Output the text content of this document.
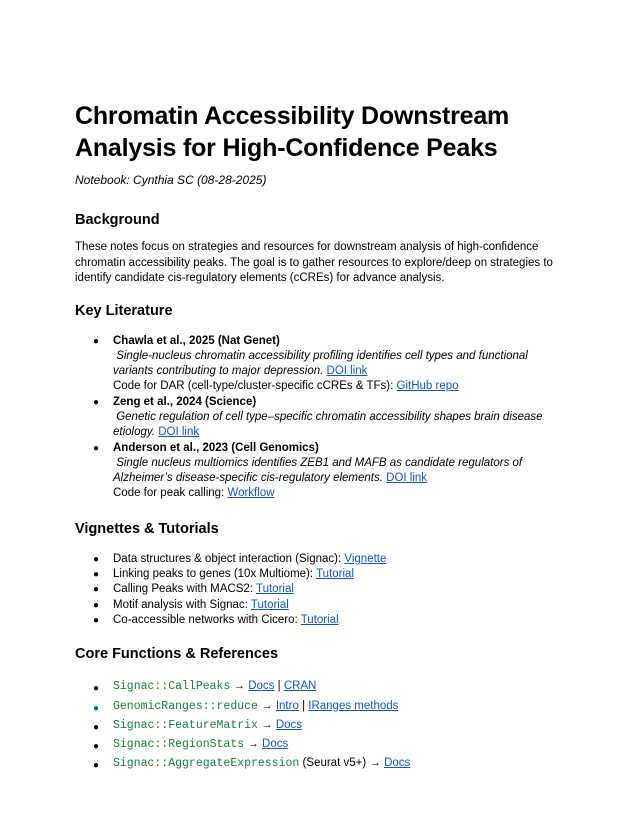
Chromatin Accessibility Downstream Analysis for High-Confidence Peaks
Notebook: Cynthia SC (08-28-2025)
Background
These notes focus on strategies and resources for downstream analysis of high-confidence chromatin accessibility peaks. The goal is to gather resources to explore/deep on strategies to identify candidate cis-regulatory elements (cCREs) for advance analysis.
Key Literature
● Chawla et al., 2025 (Nat Genet)
Single-nucleus chromatin accessibility profiling identifies cell types and functional variants contributing to major depression. DOI link
Code for DAR (cell-type/cluster-specific cCREs & TFs): GitHub repo
● Zeng et al., 2024 (Science)
Genetic regulation of cell type–specific chromatin accessibility shapes brain disease etiology. DOI link
● Anderson et al., 2023 (Cell Genomics)
Single nucleus multiomics identifies ZEB1 and MAFB as candidate regulators of Alzheimer’s disease-specific cis-regulatory elements. DOI link
Code for peak calling: Workflow
Vignettes & Tutorials
● Data structures & object interaction (Signac): Vignette
● Linking peaks to genes (10x Multiome): Tutorial
● Calling Peaks with MACS2: Tutorial
● Motif analysis with Signac: Tutorial
● Co-accessible networks with Cicero: Tutorial
Core Functions & References
● Signac::CallPeaks → Docs | CRAN
● GenomicRanges::reduce → Intro | IRanges methods
● Signac::FeatureMatrix → Docs
● Signac::RegionStats → Docs
● Signac::AggregateExpression (Seurat v5+) → Docs
